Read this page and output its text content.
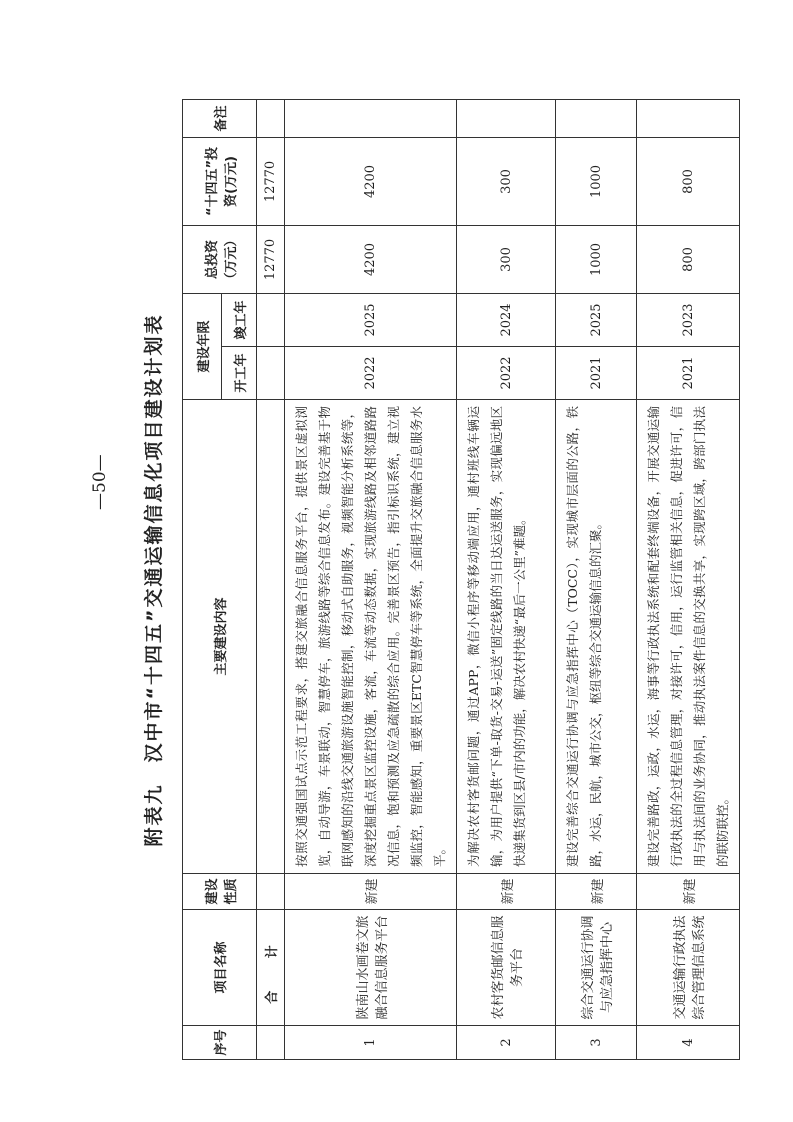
附表九　汉中市“十四五”交通运输信息化项目建设计划表
序号	项目名称	建设性质	主要建设内容	建设年限		总投资（万元）	“十四五”投资(万元)	备注
				开工年	竣工年			
	合 计					12770	12770	
1	陕南山水画卷文旅融合信息服务平台	新建	按照交通强国试点示范工程要求，搭建交旅融合信息服务平台，提供景区虚拟浏览，自动导游，车景联动，智慧停车，旅游线路等综合信息发布。建设完善基于物联网感知的沿线交通旅游设施智能控制，移动式自助服务，视频智能分析系统等，深度挖掘重点景区监控设施，客流，车流等动态数据，实现旅游线路及相邻道路路况信息，饱和预测及应急疏散的综合应用。完善景区预告，指引标识系统，建立视频监控，智能感知，重要景区ETC智慧停车等系统，全面提升交旅融合信息服务水平。	2022	2025	4200	4200	
2	农村客货邮信息服务平台	新建	为解决农村客货邮问题，通过APP，微信小程序等移动端应用，通村班线车辆运输，为用户提供“下单-取货-交易-运送”固定线路的当日达运送服务，实现偏远地区快递集货到区县/市内的功能，解决农村快递“最后一公里”难题。	2022	2024	300	300	
3	综合交通运行协调与应急指挥中心	新建	建设完善综合交通运行协调与应急指挥中心（TOCC），实现城市层面的公路，铁路，水运，民航，城市公交，枢纽等综合交通运输信息的汇聚。	2021	2025	1000	1000	
4	交通运输行政执法综合管理信息系统	新建	建设完善路政，运政，水运，海事等行政执法系统和配套终端设备，开展交通运输行政执法的全过程信息管理，对接许可，信用，运行监管相关信息，促进许可，信用与执法间的业务协同，推动执法案件信息的交换共享，实现跨区域，跨部门执法的联防联控。	2021	2023	800	800	
—50—
